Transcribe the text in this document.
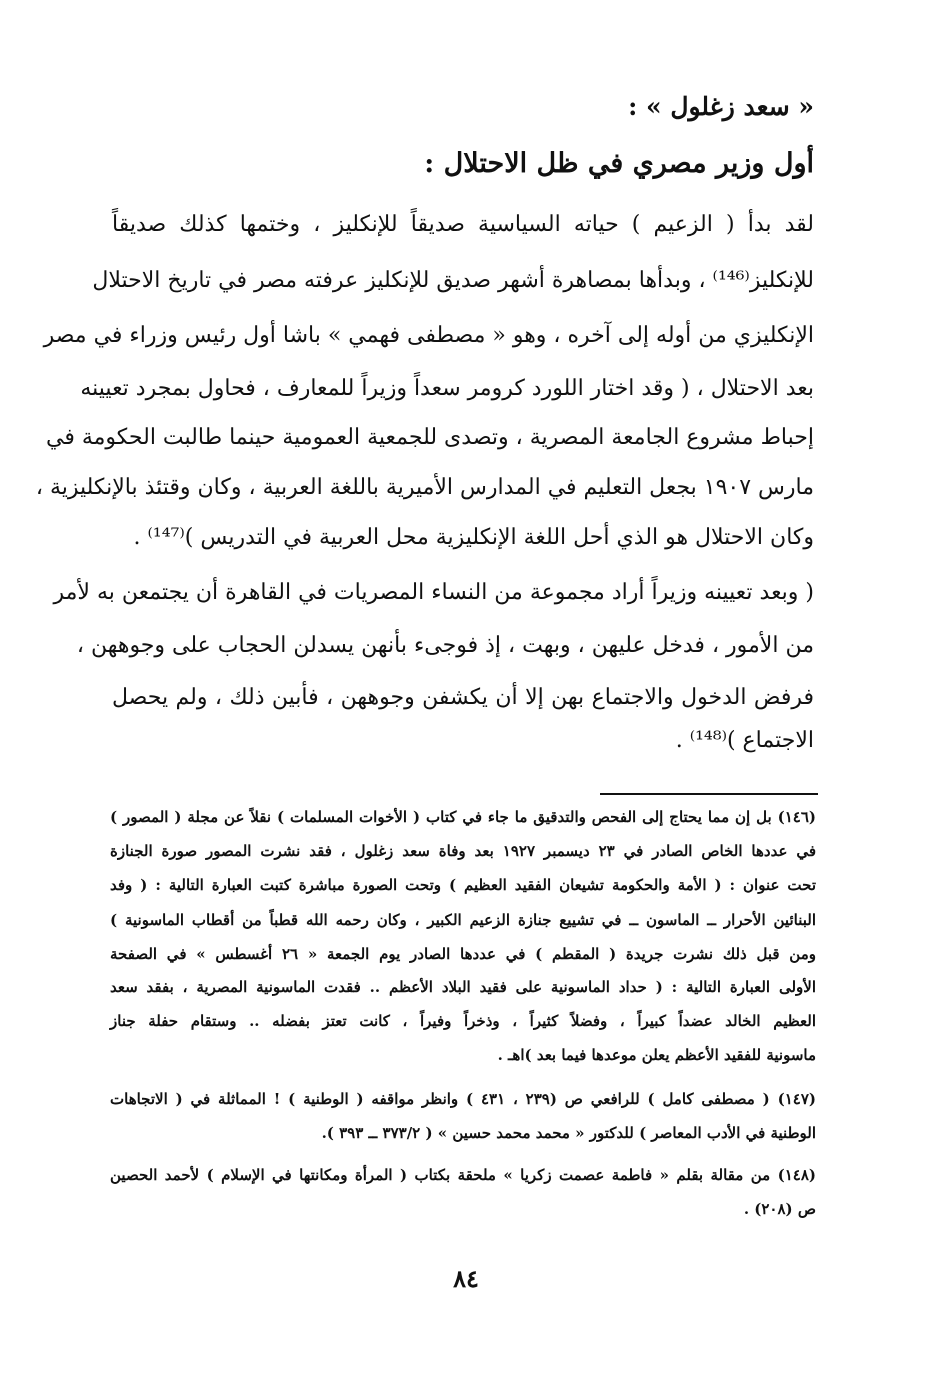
« سعد زغلول » :
أول وزير مصري في ظل الاحتلال :
لقد بدأ ( الزعيم ) حياته السياسية صديقاً للإنكليز ، وختمها كذلك صديقاً
للإنكليز⁽¹⁴⁶⁾ ، وبدأها بمصاهرة أشهر صديق للإنكليز عرفته مصر في تاريخ الاحتلال
الإنكليزي من أوله إلى آخره ، وهو « مصطفى فهمي » باشا أول رئيس وزراء في مصر
بعد الاحتلال ، ( وقد اختار اللورد كرومر سعداً وزيراً للمعارف ، فحاول بمجرد تعيينه
إحباط مشروع الجامعة المصرية ، وتصدى للجمعية العمومية حينما طالبت الحكومة في
مارس ١٩٠٧ بجعل التعليم في المدارس الأميرية باللغة العربية ، وكان وقتئذ بالإنكليزية ،
وكان الاحتلال هو الذي أحل اللغة الإنكليزية محل العربية في التدريس )⁽¹⁴⁷⁾ .
( وبعد تعيينه وزيراً أراد مجموعة من النساء المصريات في القاهرة أن يجتمعن به لأمر
من الأمور ، فدخل عليهن ، وبهت ، إذ فوجىء بأنهن يسدلن الحجاب على وجوههن ،
فرفض الدخول والاجتماع بهن إلا أن يكشفن وجوههن ، فأبين ذلك ، ولم يحصل
الاجتماع )⁽¹⁴⁸⁾ .
(١٤٦) بل إن مما يحتاج إلى الفحص والتدقيق ما جاء في كتاب ( الأخوات المسلمات ) نقلاً عن مجلة ( المصور )
في عددها الخاص الصادر في ٢٣ ديسمبر ١٩٢٧ بعد وفاة سعد زغلول ، فقد نشرت المصور صورة الجنازة
تحت عنوان : ( الأمة والحكومة تشيعان الفقيد العظيم ) وتحت الصورة مباشرة كتبت العبارة التالية : ( وفد
البنائين الأحرار ــ الماسون ــ في تشييع جنازة الزعيم الكبير ، وكان رحمه الله قطباً من أقطاب الماسونية )
ومن قبل ذلك نشرت جريدة ( المقطم ) في عددها الصادر يوم الجمعة « ٢٦ أغسطس » في الصفحة
الأولى العبارة التالية : ( حداد الماسونية على فقيد البلاد الأعظم .. فقدت الماسونية المصرية ، بفقد سعد
العظيم الخالد عضداً كبيراً ، وفضلاً كثيراً ، وذخراً وفيراً ، كانت تعتز بفضله .. وستقام حفلة جناز
ماسونية للفقيد الأعظم يعلن موعدها فيما بعد )اهـ .
(١٤٧) ( مصطفى كامل ) للرافعي ص (٢٣٩ ، ٤٣١ ) وانظر مواقفه ( الوطنية ) ! المماثلة في ( الاتجاهات
الوطنية في الأدب المعاصر ) للدكتور « محمد محمد حسين » ( ٣٧٣/٢ ــ ٣٩٣ ).
(١٤٨) من مقالة بقلم « فاطمة عصمت زكريا » ملحقة بكتاب ( المرأة ومكانتها في الإسلام ) لأحمد الحصين
ص (٢٠٨) .
٨٤
